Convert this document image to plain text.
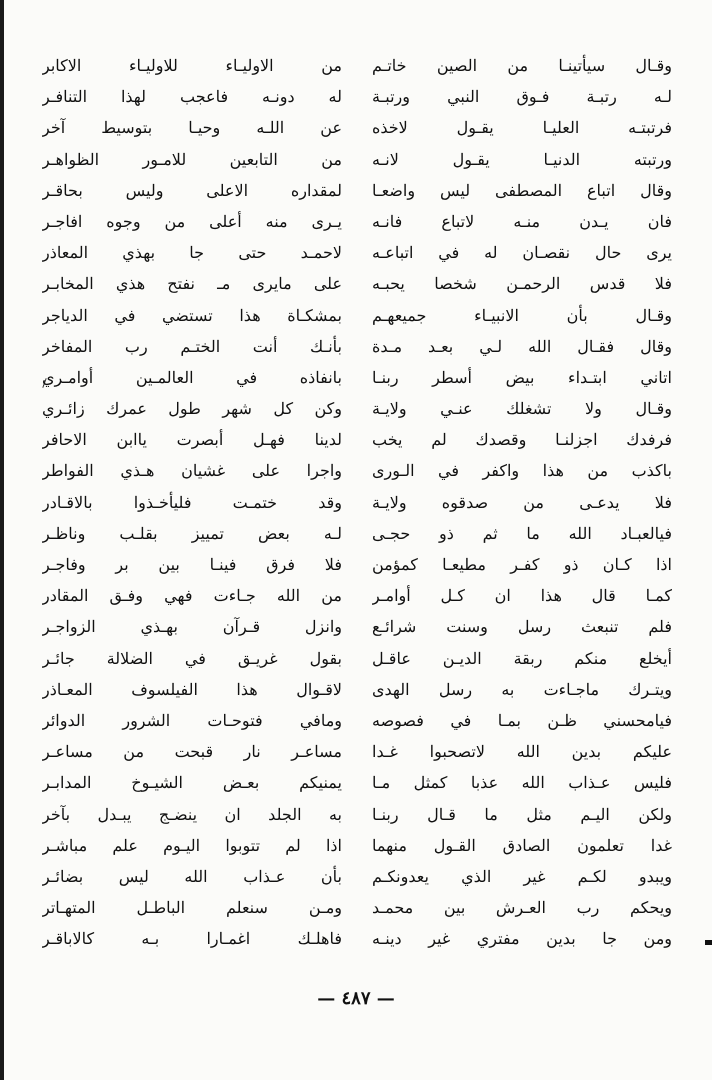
وقـال سيأتينـا من الصين خاتـم
لـه رتبـة فـوق النبي ورتبـة
فرتبتـه العليـا يقـول لاخذه
ورتبته الدنيـا يقـول لانـه
وقال اتباع المصطفى ليس واضعـا
فان يـدن منـه لاتباع فانـه
يرى حال نقصـان له في اتباعـه
فلا قدس الرحمـن شخصا يحبـه
وقـال بأن الانبيـاء جميعهـم
وقال فقـال الله لـي بعـد مـدة
اتاني ابتـداء بيض أسطر ربنـا
وقـال ولا تشغلك عنـي ولايـة
فرفدك اجزلنـا وقصدك لم يخب
باكذب من هذا واكفر في الـورى
فلا يدعـى من صدقوه ولايـة
فيالعبـاد الله ما ثم ذو حجـى
اذا كـان ذو كفـر مطيعـا كمؤمن
كمـا قال هذا ان كـل أوامـر
فلم تنبعث رسل وسنت شرائـع
أيخلع منكم ربقة الديـن عاقـل
ويتـرك ماجـاءت به رسل الهدى
فيامحسني ظـن بمـا في فصوصه
عليكم بدين الله لاتصحبوا غـدا
فليس عـذاب الله عذبا كمثل مـا
ولكن اليـم مثل ما قـال ربنـا
غدا تعلمون الصادق القـول منهما
ويبدو لكـم غير الذي يعدونكـم
ويحكم رب العـرش بين محمـد
ومن جا بدين مفتري غير دينـه
من الاوليـاء للاوليـاء الاكابر
له دونـه فاعجب لهذا التنافـر
عن اللـه وحيـا بتوسيط آخر
من التابعين للامـور الظواهـر
لمقداره الاعلى وليس بحاقـر
يـرى منه أعلى من وجوه افاجـر
لاحمـد حتى جا بهذي المعاذر
على مايرى مـ نفتح هذي المخابـر
بمشكـاة هذا تستضي في الدياجر
بأنـك أنت الختـم رب المفاخر
بانفاذه في العالمـين أوامـري
وكن كل شهر طول عمرك زائـري
لدينا فهـل أبصرت ياابن الاحافر
واجرا على غشيان هـذي الفواطر
وقد ختمـت فليأخـذوا بالاقـادر
لـه بعض تمييز بقلـب وناظـر
فلا فرق فينـا بين بر وفاجـر
من الله جـاءت فهي وفـق المقادر
وانزل قـرآن بهـذي الزواجـر
بقول غريـق في الضلالة جائـر
لاقـوال هذا الفيلسوف المعـاذر
ومافي فتوحـات الشرور الدوائر
مساعـر نار قبحت من مساعـر
يمنيكم بعـض الشيـوخ المدابـر
به الجلد ان ينضـج يبـدل بآخر
اذا لم تتوبوا اليـوم علم مباشـر
بأن عـذاب الله ليس بضائـر
ومـن سنعلم الباطـل المتهـاتر
فاهلـك اغمـارا بـه كالاباقـر
— ٤٨٧ —
